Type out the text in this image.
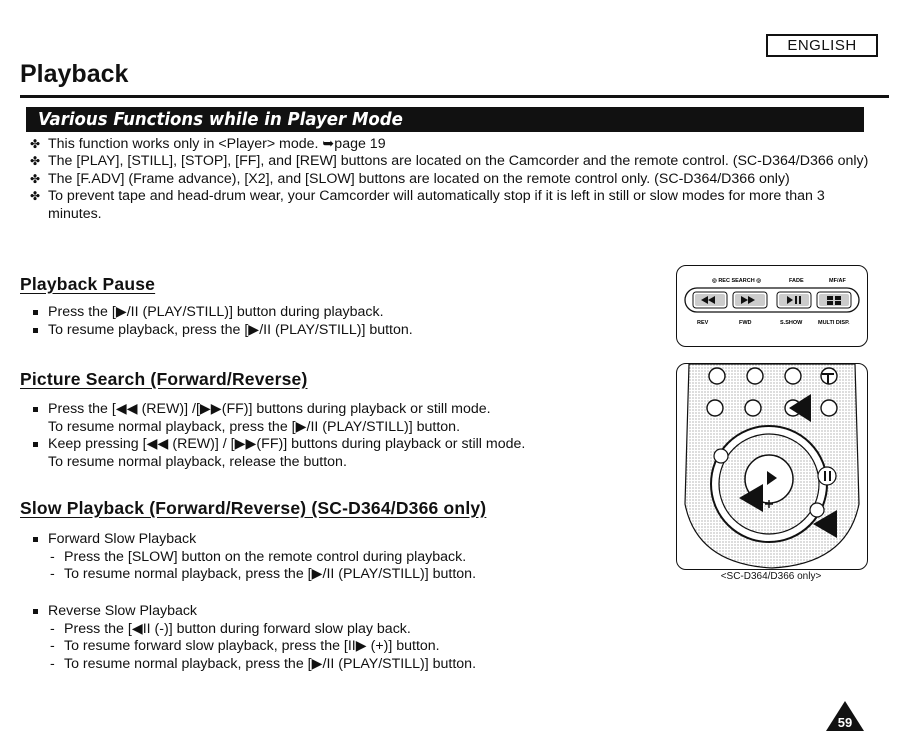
ENGLISH
Playback
Various Functions while in Player Mode

✤ This function works only in <Player> mode. ➥page 19

✤ The [PLAY], [STILL], [STOP], [FF], and [REW] buttons are located on the Camcorder and the remote control. (SC-D364/D366 only)

✤ The [F.ADV] (Frame advance), [X2], and [SLOW] buttons are located on the remote control only. (SC-D364/D366 only)

✤ To prevent tape and head-drum wear, your Camcorder will automatically stop if it is left in still or slow modes for more than 3 minutes.

Playback Pause

Press the [▶/II (PLAY/STILL)] button during playback.

To resume playback, press the [▶/II (PLAY/STILL)] button.

Picture Search (Forward/Reverse)

Press the [◀◀ (REW)] /[▶▶(FF)] buttons during playback or still mode.

To resume normal playback, press the [▶/II (PLAY/STILL)] button.

Keep pressing [◀◀ (REW)] / [▶▶(FF)] buttons during playback or still mode.

To resume normal playback, release the button.

Slow Playback (Forward/Reverse) (SC-D364/D366 only)

Forward Slow Playback

- Press the [SLOW] button on the remote control during playback.

- To resume normal playback, press the [▶/II (PLAY/STILL)] button.

Reverse Slow Playback

- Press the [◀II (-)] button during forward slow play back.

- To resume forward slow playback, press the [II▶ (+)] button.

- To resume normal playback, press the [▶/II (PLAY/STILL)] button.

◎ REC SEARCH ◎	FADE	MF/AF
REV	FWD	S.SHOW	MULTI DISP.
<SC-D364/D366 only>
59
